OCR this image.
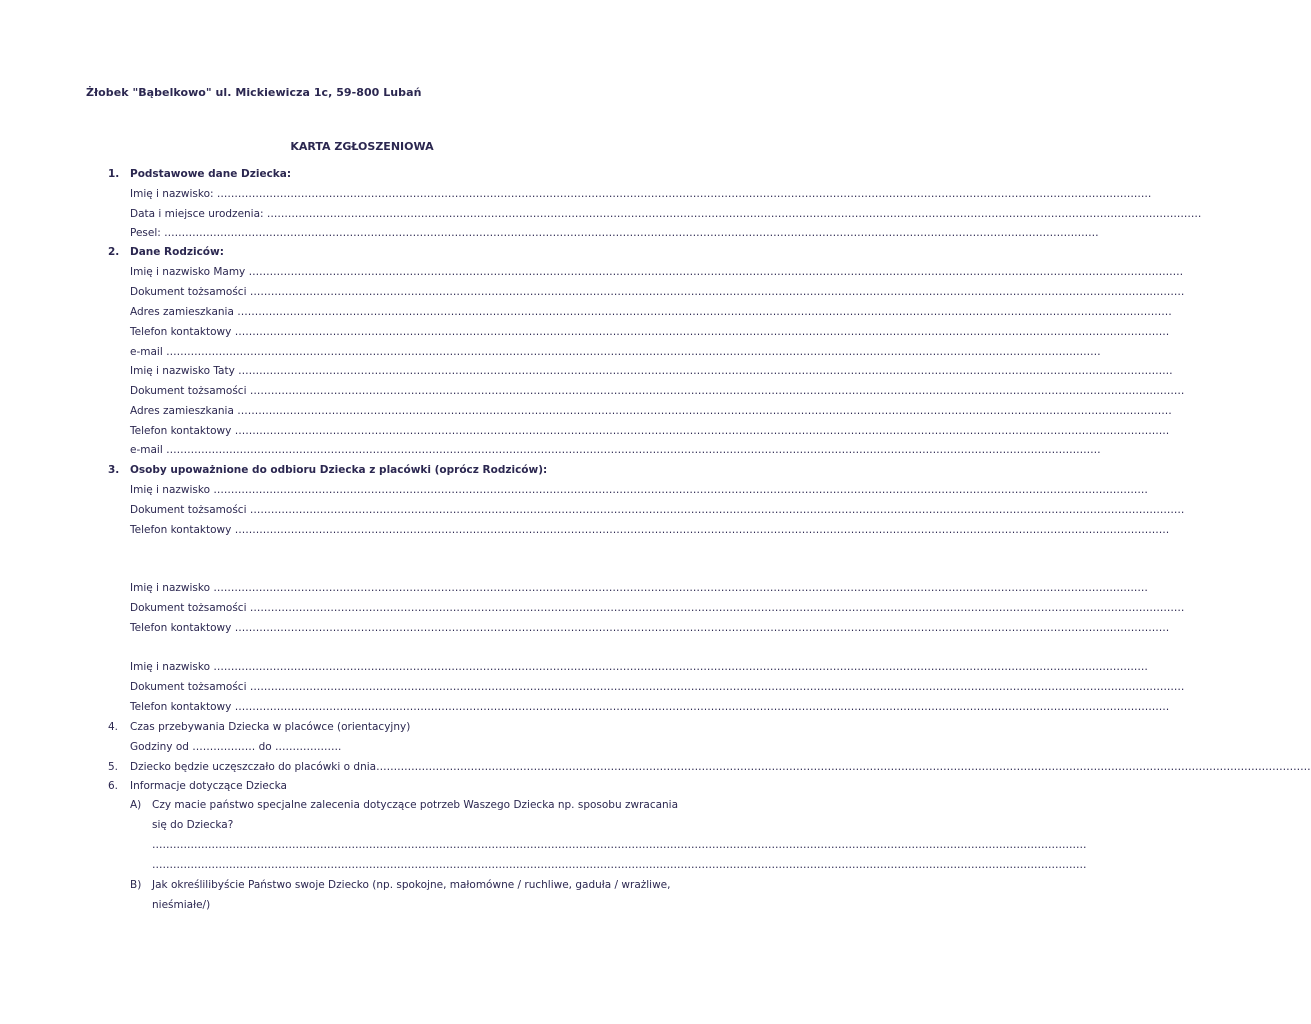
Żłobek "Bąbelkowo" ul. Mickiewicza 1c, 59-800 Lubań
KARTA ZGŁOSZENIOWA
1. Podstawowe dane Dziecka:
Imię i nazwisko: ……………………………………………………………………………………………………………………………………………………………………………………………………………………………………………
Data i miejsce urodzenia: ……………………………………………………………………………………………………………………………………………………………………………………………………………………………………………
Pesel: ……………………………………………………………………………………………………………………………………………………………………………………………………………………………………………
2. Dane Rodziców:
Imię i nazwisko Mamy ……………………………………………………………………………………………………………………………………………………………………………………………………………………………………………
Dokument tożsamości ……………………………………………………………………………………………………………………………………………………………………………………………………………………………………………
Adres zamieszkania ……………………………………………………………………………………………………………………………………………………………………………………………………………………………………………
Telefon kontaktowy ……………………………………………………………………………………………………………………………………………………………………………………………………………………………………………
e-mail ……………………………………………………………………………………………………………………………………………………………………………………………………………………………………………
Imię i nazwisko Taty ……………………………………………………………………………………………………………………………………………………………………………………………………………………………………………
Dokument tożsamości ……………………………………………………………………………………………………………………………………………………………………………………………………………………………………………
Adres zamieszkania ……………………………………………………………………………………………………………………………………………………………………………………………………………………………………………
Telefon kontaktowy ……………………………………………………………………………………………………………………………………………………………………………………………………………………………………………
e-mail ……………………………………………………………………………………………………………………………………………………………………………………………………………………………………………
3. Osoby upoważnione do odbioru Dziecka z placówki (oprócz Rodziców):
Imię i nazwisko ……………………………………………………………………………………………………………………………………………………………………………………………………………………………………………
Dokument tożsamości ……………………………………………………………………………………………………………………………………………………………………………………………………………………………………………
Telefon kontaktowy ……………………………………………………………………………………………………………………………………………………………………………………………………………………………………………
Imię i nazwisko ……………………………………………………………………………………………………………………………………………………………………………………………………………………………………………
Dokument tożsamości ……………………………………………………………………………………………………………………………………………………………………………………………………………………………………………
Telefon kontaktowy ……………………………………………………………………………………………………………………………………………………………………………………………………………………………………………
Imię i nazwisko ……………………………………………………………………………………………………………………………………………………………………………………………………………………………………………
Dokument tożsamości ……………………………………………………………………………………………………………………………………………………………………………………………………………………………………………
Telefon kontaktowy ……………………………………………………………………………………………………………………………………………………………………………………………………………………………………………
4. Czas przebywania Dziecka w placówce (orientacyjny)
Godziny od ……………… do ……………….
5. Dziecko będzie uczęszczało do placówki o dnia……………………………………………………………………………………………………………………………………………………………………………………………………………………………………………
6. Informacje dotyczące Dziecka
A) Czy macie państwo specjalne zalecenia dotyczące potrzeb Waszego Dziecka np. sposobu zwracania
się do Dziecka?
……………………………………………………………………………………………………………………………………………………………………………………………………………………………………………
……………………………………………………………………………………………………………………………………………………………………………………………………………………………………………
B) Jak określilibyście Państwo swoje Dziecko (np. spokojne, małomówne / ruchliwe, gaduła / wrażliwe,
nieśmiałe/)
